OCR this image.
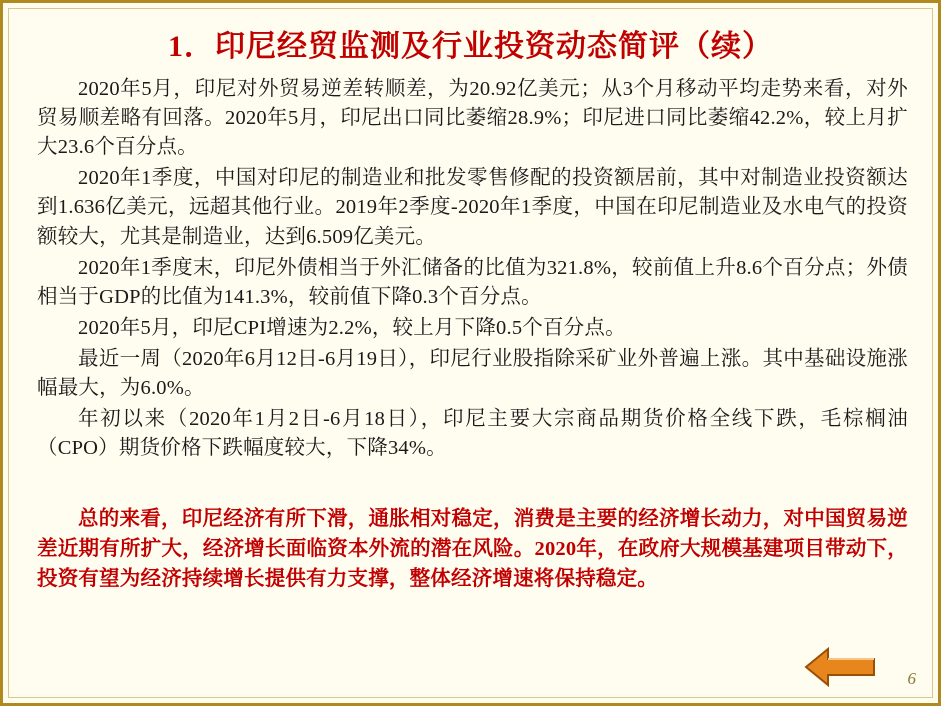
1．印尼经贸监测及行业投资动态简评（续）

2020年5月，印尼对外贸易逆差转顺差，为20.92亿美元；从3个月移动平均走势来看，对外贸易顺差略有回落。2020年5月，印尼出口同比萎缩28.9%；印尼进口同比萎缩42.2%，较上月扩大23.6个百分点。

2020年1季度，中国对印尼的制造业和批发零售修配的投资额居前，其中对制造业投资额达到1.636亿美元，远超其他行业。2019年2季度-2020年1季度，中国在印尼制造业及水电气的投资额较大，尤其是制造业，达到6.509亿美元。

2020年1季度末，印尼外债相当于外汇储备的比值为321.8%，较前值上升8.6个百分点；外债相当于GDP的比值为141.3%，较前值下降0.3个百分点。

2020年5月，印尼CPI增速为2.2%，较上月下降0.5个百分点。

最近一周（2020年6月12日-6月19日），印尼行业股指除采矿业外普遍上涨。其中基础设施涨幅最大，为6.0%。

年初以来（2020年1月2日-6月18日），印尼主要大宗商品期货价格全线下跌，毛棕榈油（CPO）期货价格下跌幅度较大，下降34%。

总的来看，印尼经济有所下滑，通胀相对稳定，消费是主要的经济增长动力，对中国贸易逆差近期有所扩大，经济增长面临资本外流的潜在风险。2020年，在政府大规模基建项目带动下，投资有望为经济持续增长提供有力支撑，整体经济增速将保持稳定。

6
